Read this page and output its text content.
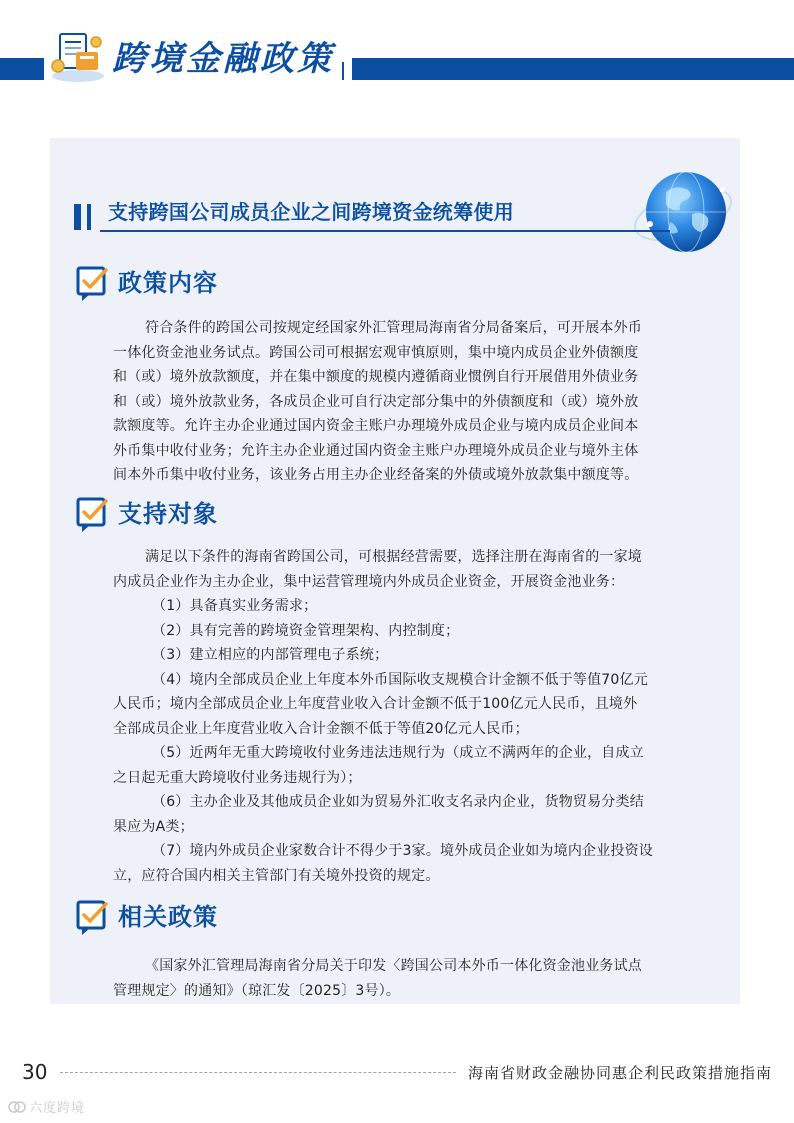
跨境金融政策
支持跨国公司成员企业之间跨境资金统筹使用
政策内容
符合条件的跨国公司按规定经国家外汇管理局海南省分局备案后，可开展本外币
一体化资金池业务试点。跨国公司可根据宏观审慎原则，集中境内成员企业外债额度
和（或）境外放款额度，并在集中额度的规模内遵循商业惯例自行开展借用外债业务
和（或）境外放款业务，各成员企业可自行决定部分集中的外债额度和（或）境外放
款额度等。允许主办企业通过国内资金主账户办理境外成员企业与境内成员企业间本
外币集中收付业务；允许主办企业通过国内资金主账户办理境外成员企业与境外主体
间本外币集中收付业务，该业务占用主办企业经备案的外债或境外放款集中额度等。
支持对象
满足以下条件的海南省跨国公司，可根据经营需要，选择注册在海南省的一家境
内成员企业作为主办企业，集中运营管理境内外成员企业资金，开展资金池业务：
（1）具备真实业务需求；
（2）具有完善的跨境资金管理架构、内控制度；
（3）建立相应的内部管理电子系统；
（4）境内全部成员企业上年度本外币国际收支规模合计金额不低于等值70亿元
人民币；境内全部成员企业上年度营业收入合计金额不低于100亿元人民币，且境外
全部成员企业上年度营业收入合计金额不低于等值20亿元人民币；
（5）近两年无重大跨境收付业务违法违规行为（成立不满两年的企业，自成立
之日起无重大跨境收付业务违规行为）；
（6）主办企业及其他成员企业如为贸易外汇收支名录内企业，货物贸易分类结
果应为A类；
（7）境内外成员企业家数合计不得少于3家。境外成员企业如为境内企业投资设
立，应符合国内相关主管部门有关境外投资的规定。
相关政策
《国家外汇管理局海南省分局关于印发〈跨国公司本外币一体化资金池业务试点
管理规定〉的通知》（琼汇发〔2025〕3号）。
30	海南省财政金融协同惠企利民政策措施指南
六度跨境
